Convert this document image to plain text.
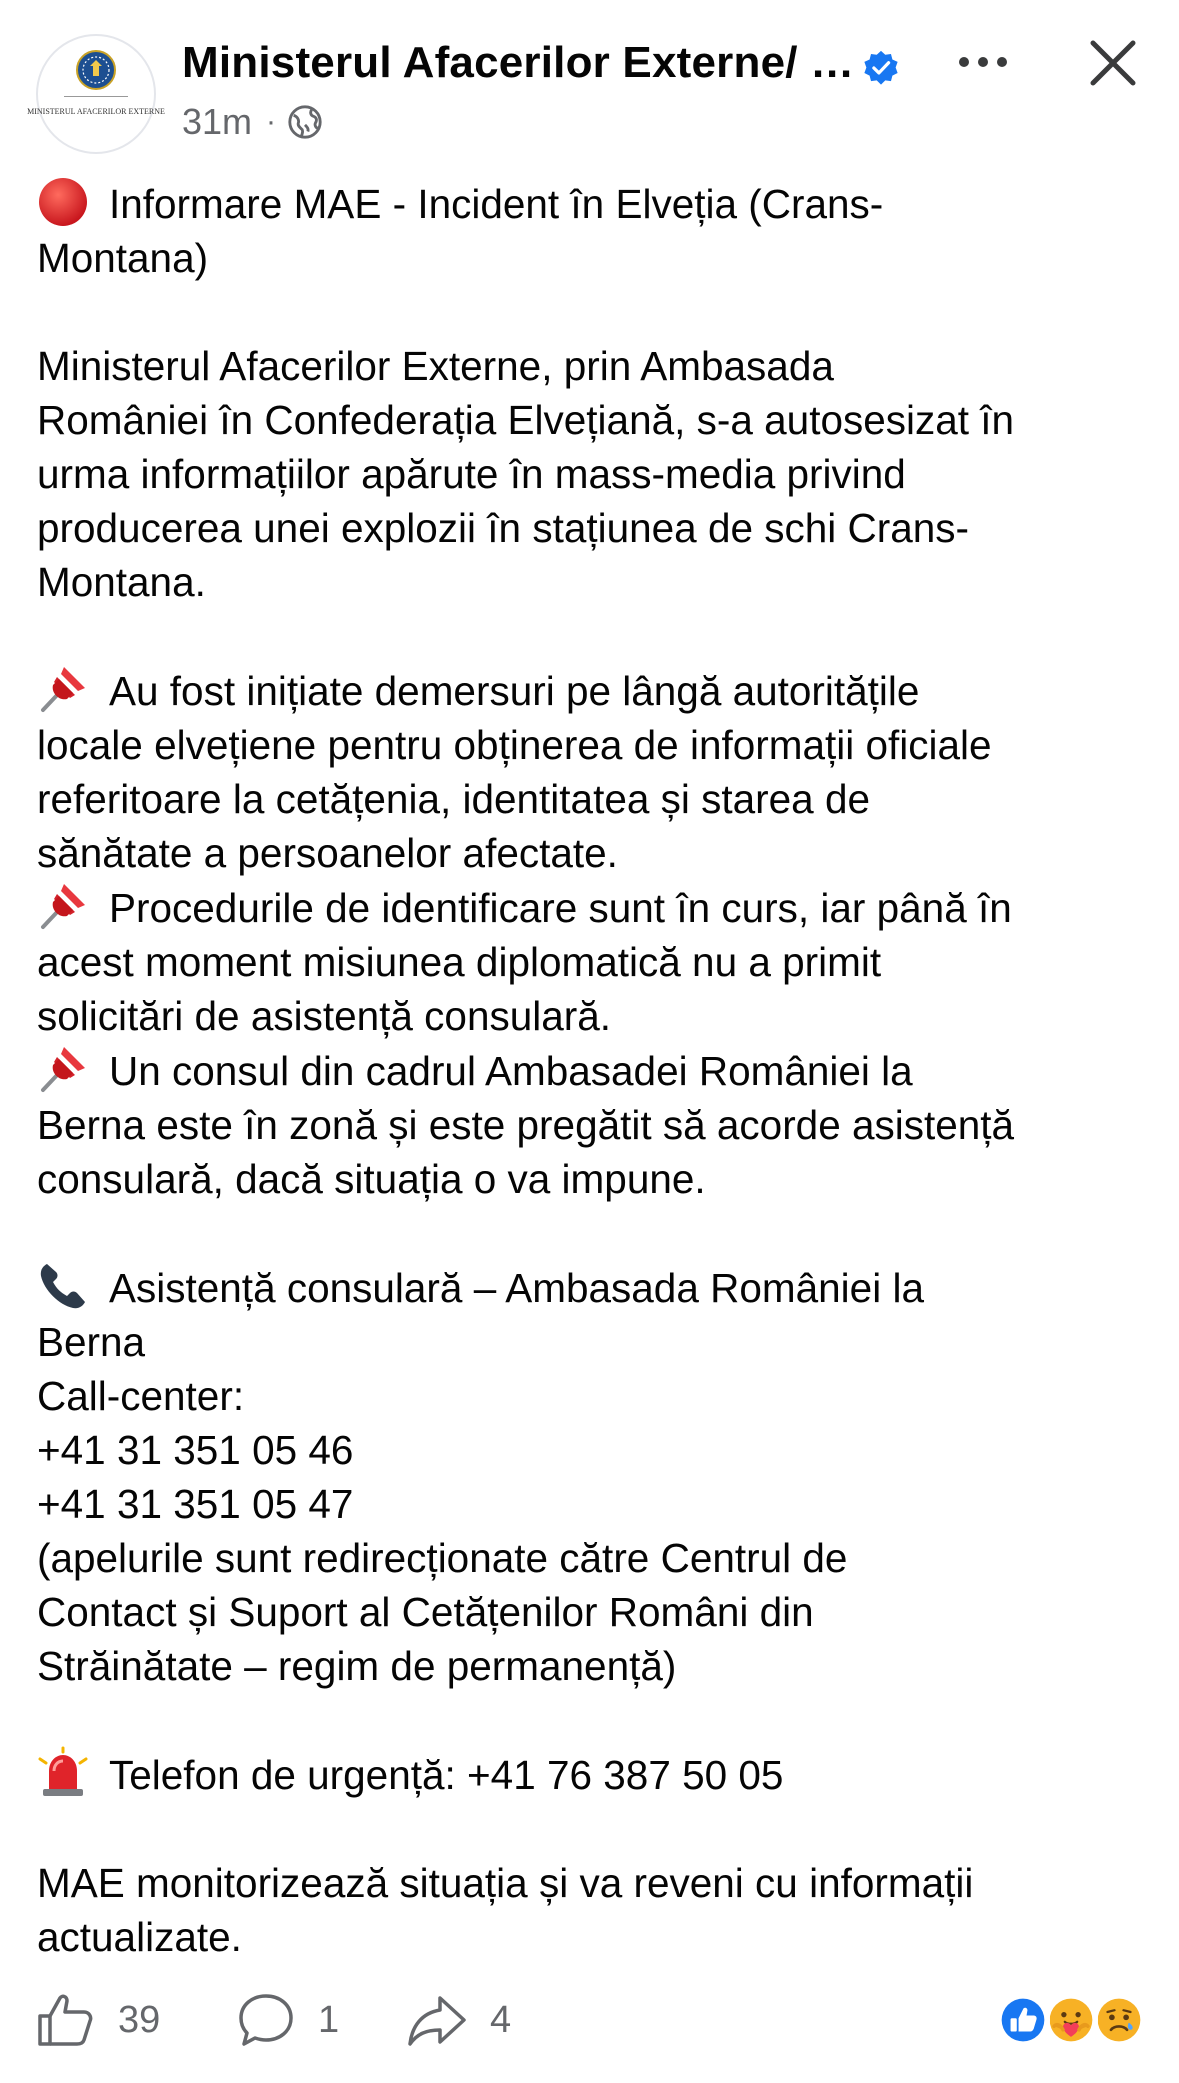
MINISTERUL AFACERILOR EXTERNE
Ministerul Afacerilor Externe/ …
31m ·

Informare MAE - Incident în Elveția (Crans-
Montana)

Ministerul Afacerilor Externe, prin Ambasada
României în Confederația Elvețiană, s-a autosesizat în
urma informațiilor apărute în mass-media privind
producerea unei explozii în stațiunea de schi Crans-
Montana.

Au fost inițiate demersuri pe lângă autoritățile
locale elvețiene pentru obținerea de informații oficiale
referitoare la cetățenia, identitatea și starea de
sănătate a persoanelor afectate.

Procedurile de identificare sunt în curs, iar până în
acest moment misiunea diplomatică nu a primit
solicitări de asistență consulară.

Un consul din cadrul Ambasadei României la
Berna este în zonă și este pregătit să acorde asistență
consulară, dacă situația o va impune.

Asistență consulară – Ambasada României la
Berna

Call-center:

+41 31 351 05 46

+41 31 351 05 47

(apelurile sunt redirecționate către Centrul de
Contact și Suport al Cetățenilor Români din
Străinătate – regim de permanență)

Telefon de urgență: +41 76 387 50 05

MAE monitorizează situația și va reveni cu informații
actualizate.

39	1	4
